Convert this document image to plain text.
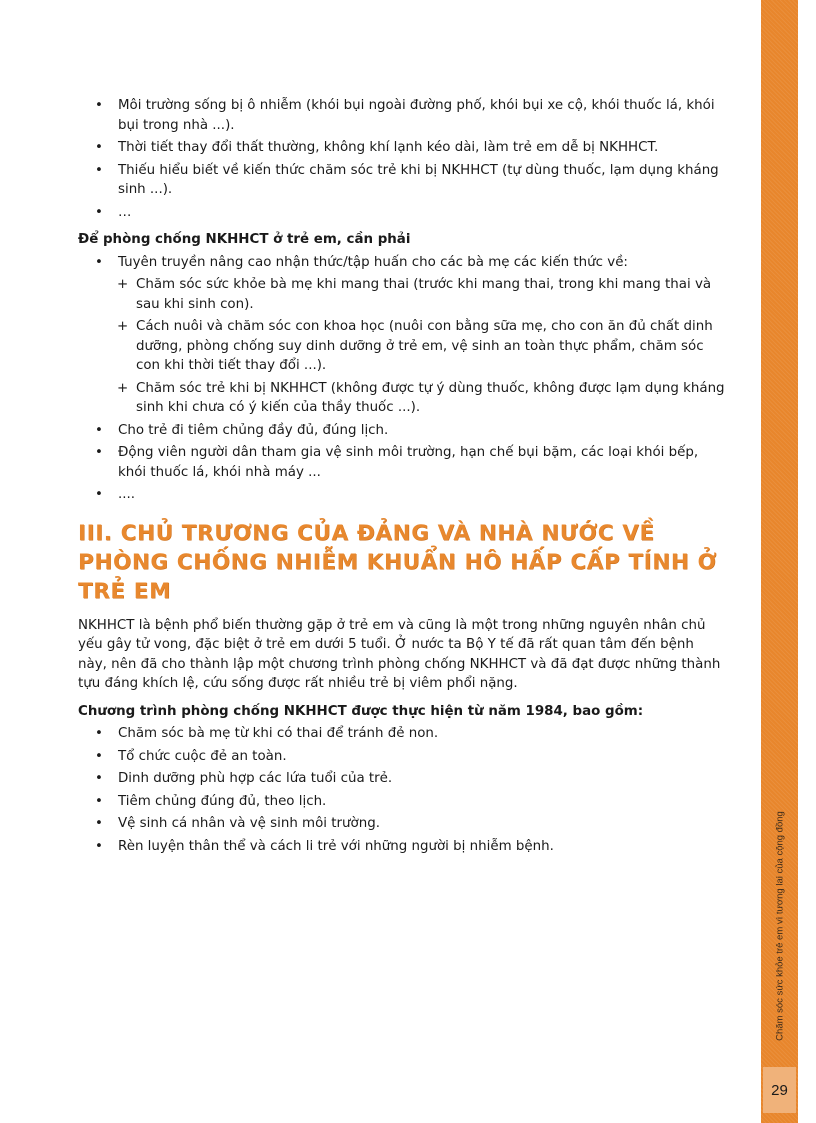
• Môi trường sống bị ô nhiễm (khói bụi ngoài đường phố, khói bụi xe cộ, khói thuốc lá, khói bụi trong nhà ...).
• Thời tiết thay đổi thất thường, không khí lạnh kéo dài, làm trẻ em dễ bị NKHHCT.
• Thiếu hiểu biết về kiến thức chăm sóc trẻ khi bị NKHHCT (tự dùng thuốc, lạm dụng kháng sinh ...).
• …
Để phòng chống NKHHCT ở trẻ em, cần phải
• Tuyên truyền nâng cao nhận thức/tập huấn cho các bà mẹ các kiến thức về:
+ Chăm sóc sức khỏe bà mẹ khi mang thai (trước khi mang thai, trong khi mang thai và sau khi sinh con).
+ Cách nuôi và chăm sóc con khoa học (nuôi con bằng sữa mẹ, cho con ăn đủ chất dinh dưỡng, phòng chống suy dinh dưỡng ở trẻ em, vệ sinh an toàn thực phẩm, chăm sóc con khi thời tiết thay đổi ...).
+ Chăm sóc trẻ khi bị NKHHCT (không được tự ý dùng thuốc, không được lạm dụng kháng sinh khi chưa có ý kiến của thầy thuốc ...).
• Cho trẻ đi tiêm chủng đầy đủ, đúng lịch.
• Động viên người dân tham gia vệ sinh môi trường, hạn chế bụi bặm, các loại khói bếp, khói thuốc lá, khói nhà máy ...
• ....
III. CHỦ TRƯƠNG CỦA ĐẢNG VÀ NHÀ NƯỚC VỀ PHÒNG CHỐNG NHIỄM KHUẨN HÔ HẤP CẤP TÍNH Ở TRẺ EM

NKHHCT là bệnh phổ biến thường gặp ở trẻ em và cũng là một trong những nguyên nhân chủ yếu gây tử vong, đặc biệt ở trẻ em dưới 5 tuổi. Ở nước ta Bộ Y tế đã rất quan tâm đến bệnh này, nên đã cho thành lập một chương trình phòng chống NKHHCT và đã đạt được những thành tựu đáng khích lệ, cứu sống được rất nhiều trẻ bị viêm phổi nặng.

Chương trình phòng chống NKHHCT được thực hiện từ năm 1984, bao gồm:
• Chăm sóc bà mẹ từ khi có thai để tránh đẻ non.
• Tổ chức cuộc đẻ an toàn.
• Dinh dưỡng phù hợp các lứa tuổi của trẻ.
• Tiêm chủng đúng đủ, theo lịch.
• Vệ sinh cá nhân và vệ sinh môi trường.
• Rèn luyện thân thể và cách li trẻ với những người bị nhiễm bệnh.	Chăm sóc sức khỏe trẻ em vì tương lai của cộng đồng
29
